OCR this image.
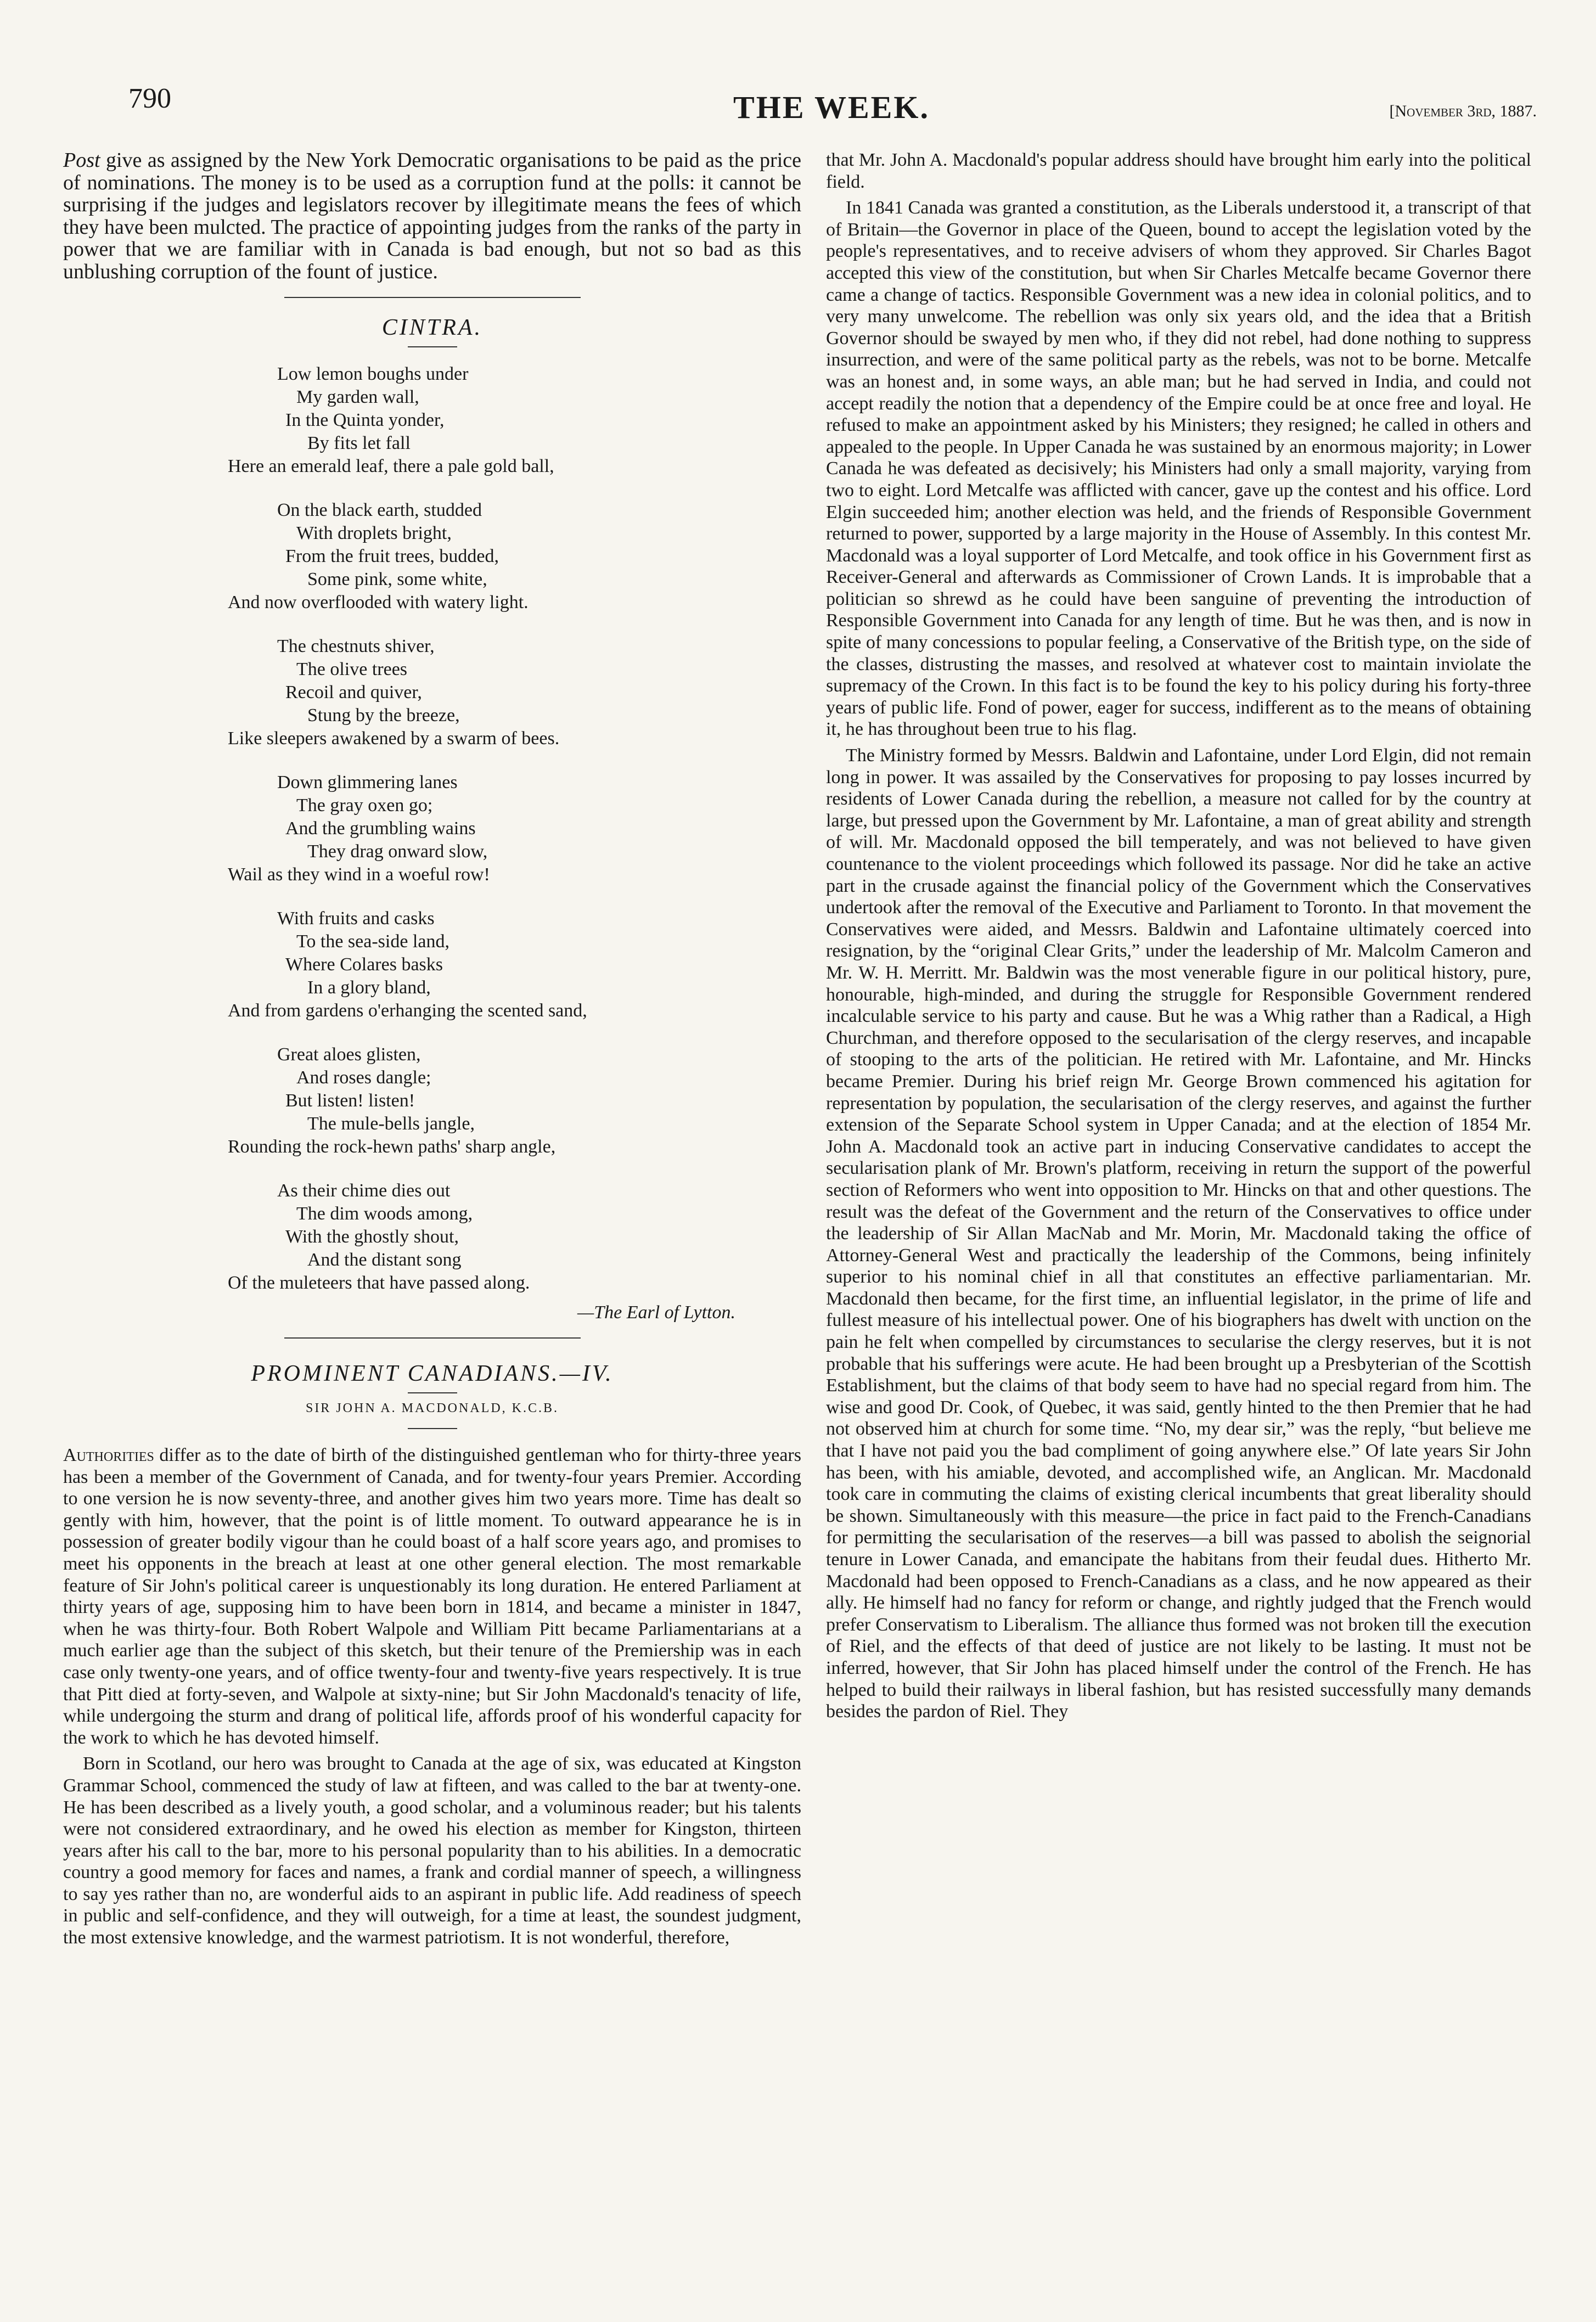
790	THE WEEK.	[November 3rd, 1887.

Post give as assigned by the New York Democratic organisations to be paid as the price of nominations. The money is to be used as a corruption fund at the polls: it cannot be surprising if the judges and legislators recover by illegitimate means the fees of which they have been mulcted. The practice of appointing judges from the ranks of the party in power that we are familiar with in Canada is bad enough, but not so bad as this unblushing corruption of the fount of justice.

CINTRA.
Low lemon boughs under
My garden wall,
In the Quinta yonder,
By fits let fall
Here an emerald leaf, there a pale gold ball,
On the black earth, studded
With droplets bright,
From the fruit trees, budded,
Some pink, some white,
And now overflooded with watery light.
The chestnuts shiver,
The olive trees
Recoil and quiver,
Stung by the breeze,
Like sleepers awakened by a swarm of bees.
Down glimmering lanes
The gray oxen go;
And the grumbling wains
They drag onward slow,
Wail as they wind in a woeful row!
With fruits and casks
To the sea-side land,
Where Colares basks
In a glory bland,
And from gardens o'erhanging the scented sand,
Great aloes glisten,
And roses dangle;
But listen! listen!
The mule-bells jangle,
Rounding the rock-hewn paths' sharp angle,
As their chime dies out
The dim woods among,
With the ghostly shout,
And the distant song
Of the muleteers that have passed along.
—The Earl of Lytton.
PROMINENT CANADIANS.—IV.
SIR JOHN A. MACDONALD, K.C.B.

Authorities differ as to the date of birth of the distinguished gentleman who for thirty-three years has been a member of the Government of Canada, and for twenty-four years Premier. According to one version he is now seventy-three, and another gives him two years more. Time has dealt so gently with him, however, that the point is of little moment. To outward appearance he is in possession of greater bodily vigour than he could boast of a half score years ago, and promises to meet his opponents in the breach at least at one other general election. The most remarkable feature of Sir John's political career is unquestionably its long duration. He entered Parliament at thirty years of age, supposing him to have been born in 1814, and became a minister in 1847, when he was thirty-four. Both Robert Walpole and William Pitt became Parliamentarians at a much earlier age than the subject of this sketch, but their tenure of the Premiership was in each case only twenty-one years, and of office twenty-four and twenty-five years respectively. It is true that Pitt died at forty-seven, and Walpole at sixty-nine; but Sir John Macdonald's tenacity of life, while undergoing the sturm and drang of political life, affords proof of his wonderful capacity for the work to which he has devoted himself.

Born in Scotland, our hero was brought to Canada at the age of six, was educated at Kingston Grammar School, commenced the study of law at fifteen, and was called to the bar at twenty-one. He has been described as a lively youth, a good scholar, and a voluminous reader; but his talents were not considered extraordinary, and he owed his election as member for Kingston, thirteen years after his call to the bar, more to his personal popularity than to his abilities. In a democratic country a good memory for faces and names, a frank and cordial manner of speech, a willingness to say yes rather than no, are wonderful aids to an aspirant in public life. Add readiness of speech in public and self-confidence, and they will outweigh, for a time at least, the soundest judgment, the most extensive knowledge, and the warmest patriotism. It is not wonderful, therefore,

that Mr. John A. Macdonald's popular address should have brought him early into the political field.

In 1841 Canada was granted a constitution, as the Liberals understood it, a transcript of that of Britain—the Governor in place of the Queen, bound to accept the legislation voted by the people's representatives, and to receive advisers of whom they approved. Sir Charles Bagot accepted this view of the constitution, but when Sir Charles Metcalfe became Governor there came a change of tactics. Responsible Government was a new idea in colonial politics, and to very many unwelcome. The rebellion was only six years old, and the idea that a British Governor should be swayed by men who, if they did not rebel, had done nothing to suppress insurrection, and were of the same political party as the rebels, was not to be borne. Metcalfe was an honest and, in some ways, an able man; but he had served in India, and could not accept readily the notion that a dependency of the Empire could be at once free and loyal. He refused to make an appointment asked by his Ministers; they resigned; he called in others and appealed to the people. In Upper Canada he was sustained by an enormous majority; in Lower Canada he was defeated as decisively; his Ministers had only a small majority, varying from two to eight. Lord Metcalfe was afflicted with cancer, gave up the contest and his office. Lord Elgin succeeded him; another election was held, and the friends of Responsible Government returned to power, supported by a large majority in the House of Assembly. In this contest Mr. Macdonald was a loyal supporter of Lord Metcalfe, and took office in his Government first as Receiver-General and afterwards as Commissioner of Crown Lands. It is improbable that a politician so shrewd as he could have been sanguine of preventing the introduction of Responsible Government into Canada for any length of time. But he was then, and is now in spite of many concessions to popular feeling, a Conservative of the British type, on the side of the classes, distrusting the masses, and resolved at whatever cost to maintain inviolate the supremacy of the Crown. In this fact is to be found the key to his policy during his forty-three years of public life. Fond of power, eager for success, indifferent as to the means of obtaining it, he has throughout been true to his flag.

The Ministry formed by Messrs. Baldwin and Lafontaine, under Lord Elgin, did not remain long in power. It was assailed by the Conservatives for proposing to pay losses incurred by residents of Lower Canada during the rebellion, a measure not called for by the country at large, but pressed upon the Government by Mr. Lafontaine, a man of great ability and strength of will. Mr. Macdonald opposed the bill temperately, and was not believed to have given countenance to the violent proceedings which followed its passage. Nor did he take an active part in the crusade against the financial policy of the Government which the Conservatives undertook after the removal of the Executive and Parliament to Toronto. In that movement the Conservatives were aided, and Messrs. Baldwin and Lafontaine ultimately coerced into resignation, by the “original Clear Grits,” under the leadership of Mr. Malcolm Cameron and Mr. W. H. Merritt. Mr. Baldwin was the most venerable figure in our political history, pure, honourable, high-minded, and during the struggle for Responsible Government rendered incalculable service to his party and cause. But he was a Whig rather than a Radical, a High Churchman, and therefore opposed to the secularisation of the clergy reserves, and incapable of stooping to the arts of the politician. He retired with Mr. Lafontaine, and Mr. Hincks became Premier. During his brief reign Mr. George Brown commenced his agitation for representation by population, the secularisation of the clergy reserves, and against the further extension of the Separate School system in Upper Canada; and at the election of 1854 Mr. John A. Macdonald took an active part in inducing Conservative candidates to accept the secularisation plank of Mr. Brown's platform, receiving in return the support of the powerful section of Reformers who went into opposition to Mr. Hincks on that and other questions. The result was the defeat of the Government and the return of the Conservatives to office under the leadership of Sir Allan MacNab and Mr. Morin, Mr. Macdonald taking the office of Attorney-General West and practically the leadership of the Commons, being infinitely superior to his nominal chief in all that constitutes an effective parliamentarian. Mr. Macdonald then became, for the first time, an influential legislator, in the prime of life and fullest measure of his intellectual power. One of his biographers has dwelt with unction on the pain he felt when compelled by circumstances to secularise the clergy reserves, but it is not probable that his sufferings were acute. He had been brought up a Presbyterian of the Scottish Establishment, but the claims of that body seem to have had no special regard from him. The wise and good Dr. Cook, of Quebec, it was said, gently hinted to the then Premier that he had not observed him at church for some time. “No, my dear sir,” was the reply, “but believe me that I have not paid you the bad compliment of going anywhere else.” Of late years Sir John has been, with his amiable, devoted, and accomplished wife, an Anglican. Mr. Macdonald took care in commuting the claims of existing clerical incumbents that great liberality should be shown. Simultaneously with this measure—the price in fact paid to the French-Canadians for permitting the secularisation of the reserves—a bill was passed to abolish the seignorial tenure in Lower Canada, and emancipate the habitans from their feudal dues. Hitherto Mr. Macdonald had been opposed to French-Canadians as a class, and he now appeared as their ally. He himself had no fancy for reform or change, and rightly judged that the French would prefer Conservatism to Liberalism. The alliance thus formed was not broken till the execution of Riel, and the effects of that deed of justice are not likely to be lasting. It must not be inferred, however, that Sir John has placed himself under the control of the French. He has helped to build their railways in liberal fashion, but has resisted successfully many demands besides the pardon of Riel. They
